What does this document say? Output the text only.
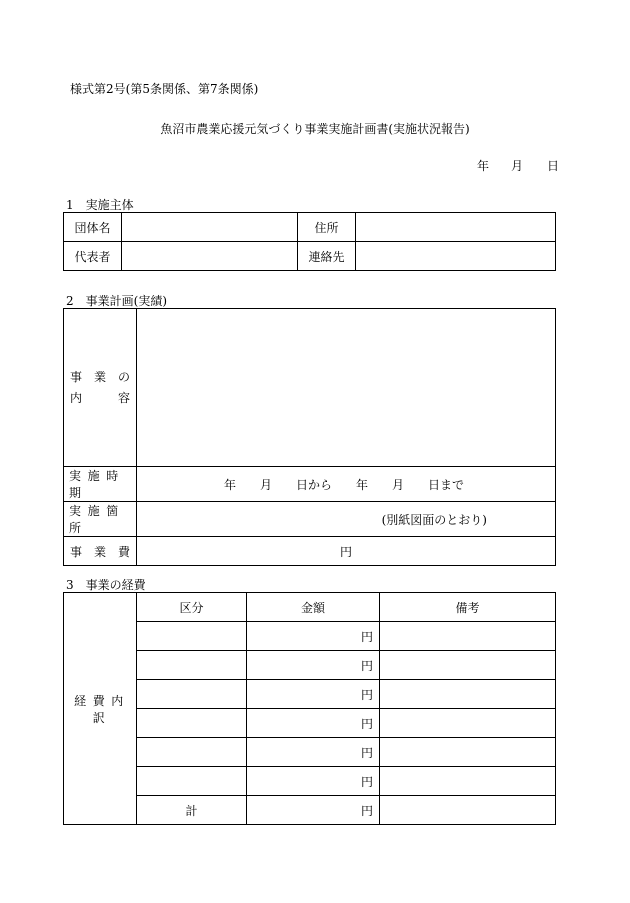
様式第2号(第5条関係、第7条関係)
魚沼市農業応援元気づくり事業実施計画書(実施状況報告)
年 月 日
1　実施主体
団体名		住所	
代表者		連絡先	
2　事業計画(実績)
事　業　の
内　　　容	

実施時期	年　　月　　日から　　年　　月　　日まで
実施箇所	(別紙図面のとおり)
事　業　費	円
3　事業の経費
経費内訳	区分	金額	備考
		円	
		円	
		円	
		円	
		円	
		円	
	計	円	
